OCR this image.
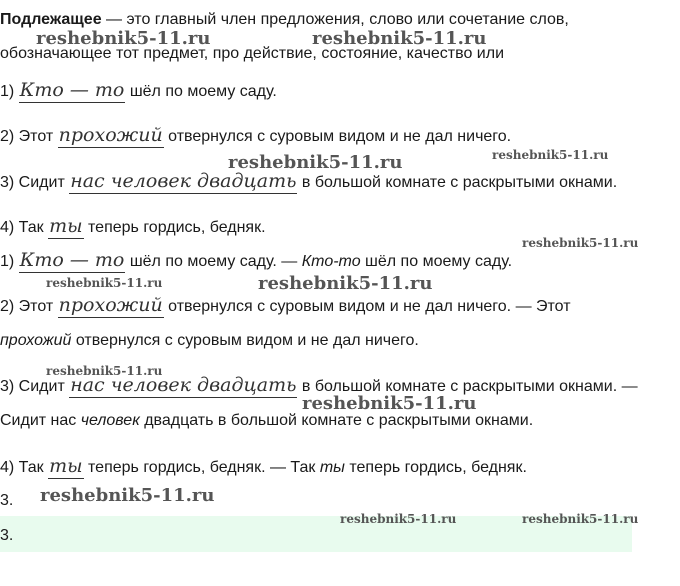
Подлежащее — это главный член предложения, слово или сочетание слов,
обозначающее тот предмет, про действие, состояние, качество или
1) Кто — то шёл по моему саду.
2) Этот прохожий отвернулся с суровым видом и не дал ничего.
3) Сидит нас человек двадцать в большой комнате с раскрытыми окнами.
4) Так ты теперь гордись, бедняк.
1) Кто — то шёл по моему саду. — Кто-то шёл по моему саду.
2) Этот прохожий отвернулся с суровым видом и не дал ничего. — Этот
прохожий отвернулся с суровым видом и не дал ничего.
3) Сидит нас человек двадцать в большой комнате с раскрытыми окнами. —
Сидит нас человек двадцать в большой комнате с раскрытыми окнами.
4) Так ты теперь гордись, бедняк. — Так ты теперь гордись, бедняк.
3.
3.
reshebnik5-11.ru	reshebnik5-11.ru
reshebnik5-11.ru	reshebnik5-11.ru
reshebnik5-11.ru
reshebnik5-11.ru	reshebnik5-11.ru
reshebnik5-11.ru
reshebnik5-11.ru
reshebnik5-11.ru
reshebnik5-11.ru	reshebnik5-11.ru
